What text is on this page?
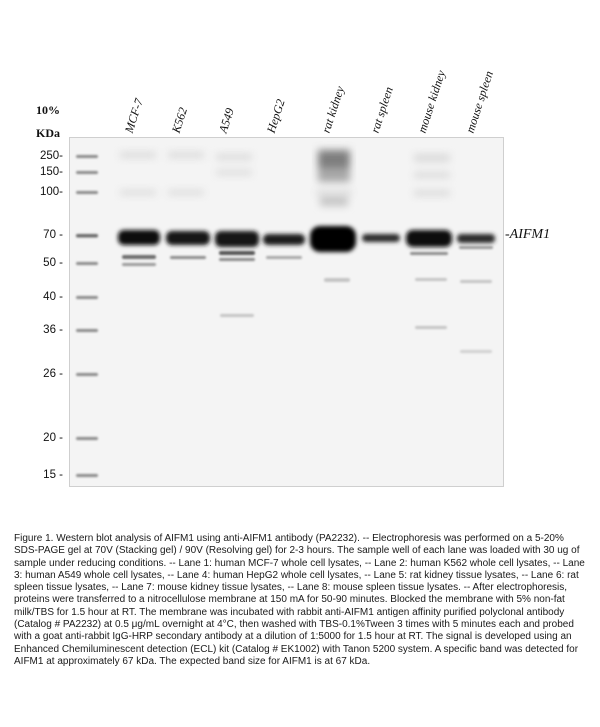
10%
KDa	MCF-7 K562 A549 HepG2	rat kidney rat spleen mouse kidney mouse spleen
250-
150-
100-
70 -
50 -
40 -
36 -
26 -
20 -
15 -
-AIFM1
Figure 1. Western blot analysis of AIFM1 using anti-AIFM1 antibody (PA2232). -- Electrophoresis was performed on a 5-20% SDS-PAGE gel at 70V (Stacking gel) / 90V (Resolving gel) for 2-3 hours. The sample well of each lane was loaded with 30 ug of sample under reducing conditions. -- Lane 1: human MCF-7 whole cell lysates, -- Lane 2: human K562 whole cell lysates, -- Lane 3: human A549 whole cell lysates, -- Lane 4: human HepG2 whole cell lysates, -- Lane 5: rat kidney tissue lysates, -- Lane 6: rat spleen tissue lysates, -- Lane 7: mouse kidney tissue lysates, -- Lane 8: mouse spleen tissue lysates. -- After electrophoresis, proteins were transferred to a nitrocellulose membrane at 150 mA for 50-90 minutes. Blocked the membrane with 5% non-fat milk/TBS for 1.5 hour at RT. The membrane was incubated with rabbit anti-AIFM1 antigen affinity purified polyclonal antibody (Catalog # PA2232) at 0.5 μg/mL overnight at 4°C, then washed with TBS-0.1%Tween 3 times with 5 minutes each and probed with a goat anti-rabbit IgG-HRP secondary antibody at a dilution of 1:5000 for 1.5 hour at RT. The signal is developed using an Enhanced Chemiluminescent detection (ECL) kit (Catalog # EK1002) with Tanon 5200 system. A specific band was detected for AIFM1 at approximately 67 kDa. The expected band size for AIFM1 is at 67 kDa.
